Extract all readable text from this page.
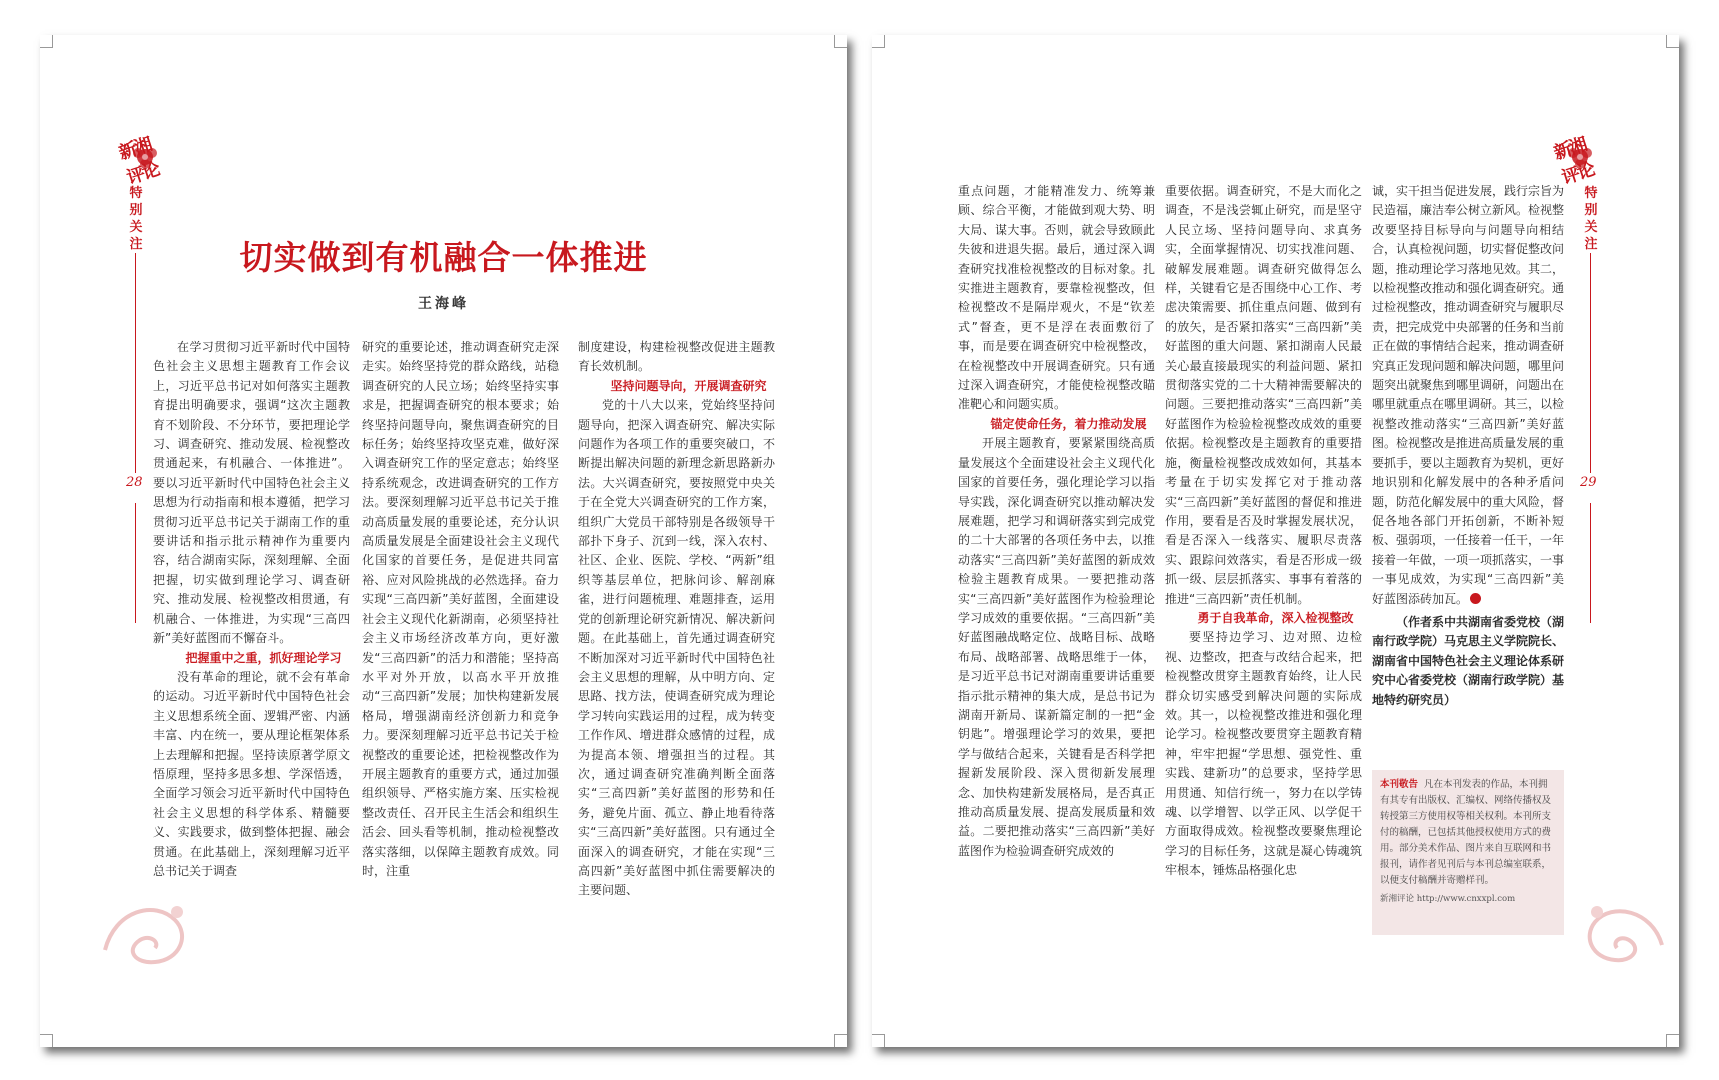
新湘评论
特别关注
28
切实做到有机融合一体推进
王海峰

在学习贯彻习近平新时代中国特色社会主义思想主题教育工作会议上，习近平总书记对如何落实主题教育提出明确要求，强调“这次主题教育不划阶段、不分环节，要把理论学习、调查研究、推动发展、检视整改贯通起来，有机融合、一体推进”。要以习近平新时代中国特色社会主义思想为行动指南和根本遵循，把学习贯彻习近平总书记关于湖南工作的重要讲话和指示批示精神作为重要内容，结合湖南实际，深刻理解、全面把握，切实做到理论学习、调查研究、推动发展、检视整改相贯通，有机融合、一体推进，为实现“三高四新”美好蓝图而不懈奋斗。

把握重中之重，抓好理论学习

没有革命的理论，就不会有革命的运动。习近平新时代中国特色社会主义思想系统全面、逻辑严密、内涵丰富、内在统一，要从理论框架体系上去理解和把握。坚持读原著学原文悟原理，坚持多思多想、学深悟透，全面学习领会习近平新时代中国特色社会主义思想的科学体系、精髓要义、实践要求，做到整体把握、融会贯通。在此基础上，深刻理解习近平总书记关于调查

研究的重要论述，推动调查研究走深走实。始终坚持党的群众路线，站稳调查研究的人民立场；始终坚持实事求是，把握调查研究的根本要求；始终坚持问题导向，聚焦调查研究的目标任务；始终坚持攻坚克难，做好深入调查研究工作的坚定意志；始终坚持系统观念，改进调查研究的工作方法。要深刻理解习近平总书记关于推动高质量发展的重要论述，充分认识高质量发展是全面建设社会主义现代化国家的首要任务，是促进共同富裕、应对风险挑战的必然选择。奋力实现“三高四新”美好蓝图，全面建设社会主义现代化新湖南，必须坚持社会主义市场经济改革方向，更好激发“三高四新”的活力和潜能；坚持高水平对外开放，以高水平开放推动“三高四新”发展；加快构建新发展格局，增强湖南经济创新力和竞争力。要深刻理解习近平总书记关于检视整改的重要论述，把检视整改作为开展主题教育的重要方式，通过加强组织领导、严格实施方案、压实检视整改责任、召开民主生活会和组织生活会、回头看等机制，推动检视整改落实落细，以保障主题教育成效。同时，注重

制度建设，构建检视整改促进主题教育长效机制。

坚持问题导向，开展调查研究

党的十八大以来，党始终坚持问题导向，把深入调查研究、解决实际问题作为各项工作的重要突破口，不断提出解决问题的新理念新思路新办法。大兴调查研究，要按照党中央关于在全党大兴调查研究的工作方案，组织广大党员干部特别是各级领导干部扑下身子、沉到一线，深入农村、社区、企业、医院、学校、“两新”组织等基层单位，把脉问诊、解剖麻雀，进行问题梳理、难题排查，运用党的创新理论研究新情况、解决新问题。在此基础上，首先通过调查研究不断加深对习近平新时代中国特色社会主义思想的理解，从中明方向、定思路、找方法，使调查研究成为理论学习转向实践运用的过程，成为转变工作作风、增进群众感情的过程，成为提高本领、增强担当的过程。其次，通过调查研究准确判断全面落实“三高四新”美好蓝图的形势和任务，避免片面、孤立、静止地看待落实“三高四新”美好蓝图。只有通过全面深入的调查研究，才能在实现“三高四新”美好蓝图中抓住需要解决的主要问题、

新湘评论
特别关注
29

重点问题，才能精准发力、统筹兼顾、综合平衡，才能做到观大势、明大局、谋大事。否则，就会导致顾此失彼和进退失据。最后，通过深入调查研究找准检视整改的目标对象。扎实推进主题教育，要靠检视整改，但检视整改不是隔岸观火，不是“钦差式”督查，更不是浮在表面敷衍了事，而是要在调查研究中检视整改，在检视整改中开展调查研究。只有通过深入调查研究，才能使检视整改瞄准靶心和问题实质。

锚定使命任务，着力推动发展

开展主题教育，要紧紧围绕高质量发展这个全面建设社会主义现代化国家的首要任务，强化理论学习以指导实践，深化调查研究以推动解决发展难题，把学习和调研落实到完成党的二十大部署的各项任务中去，以推动落实“三高四新”美好蓝图的新成效检验主题教育成果。一要把推动落实“三高四新”美好蓝图作为检验理论学习成效的重要依据。“三高四新”美好蓝图融战略定位、战略目标、战略布局、战略部署、战略思维于一体，是习近平总书记对湖南重要讲话重要指示批示精神的集大成，是总书记为湖南开新局、谋新篇定制的一把“金钥匙”。增强理论学习的效果，要把学与做结合起来，关键看是否科学把握新发展阶段、深入贯彻新发展理念、加快构建新发展格局，是否真正推动高质量发展、提高发展质量和效益。二要把推动落实“三高四新”美好蓝图作为检验调查研究成效的

重要依据。调查研究，不是大而化之调查，不是浅尝辄止研究，而是坚守人民立场、坚持问题导向、求真务实，全面掌握情况、切实找准问题、破解发展难题。调查研究做得怎么样，关键看它是否围绕中心工作、考虑决策需要、抓住重点问题、做到有的放矢，是否紧扣落实“三高四新”美好蓝图的重大问题、紧扣湖南人民最关心最直接最现实的利益问题、紧扣贯彻落实党的二十大精神需要解决的问题。三要把推动落实“三高四新”美好蓝图作为检验检视整改成效的重要依据。检视整改是主题教育的重要措施，衡量检视整改成效如何，其基本考量在于切实发挥它对于推动落实“三高四新”美好蓝图的督促和推进作用，要看是否及时掌握发展状况，看是否深入一线落实、履职尽责落实、跟踪问效落实，看是否形成一级抓一级、层层抓落实、事事有着落的推进“三高四新”责任机制。

勇于自我革命，深入检视整改

要坚持边学习、边对照、边检视、边整改，把查与改结合起来，把检视整改贯穿主题教育始终，让人民群众切实感受到解决问题的实际成效。其一，以检视整改推进和强化理论学习。检视整改要贯穿主题教育精神，牢牢把握“学思想、强党性、重实践、建新功”的总要求，坚持学思用贯通、知信行统一，努力在以学铸魂、以学增智、以学正风、以学促干方面取得成效。检视整改要聚焦理论学习的目标任务，这就是凝心铸魂筑牢根本，锤炼品格强化忠

诚，实干担当促进发展，践行宗旨为民造福，廉洁奉公树立新风。检视整改要坚持目标导向与问题导向相结合，认真检视问题，切实督促整改问题，推动理论学习落地见效。其二，以检视整改推动和强化调查研究。通过检视整改，推动调查研究与履职尽责，把完成党中央部署的任务和当前正在做的事情结合起来，推动调查研究真正发现问题和解决问题，哪里问题突出就聚焦到哪里调研，问题出在哪里就重点在哪里调研。其三，以检视整改推动落实“三高四新”美好蓝图。检视整改是推进高质量发展的重要抓手，要以主题教育为契机，更好地识别和化解发展中的各种矛盾问题，防范化解发展中的重大风险，督促各地各部门开拓创新，不断补短板、强弱项，一任接着一任干，一年接着一年做，一项一项抓落实，一事一事见成效，为实现“三高四新”美好蓝图添砖加瓦。

（作者系中共湖南省委党校（湖南行政学院）马克思主义学院院长、湖南省中国特色社会主义理论体系研究中心省委党校（湖南行政学院）基地特约研究员）

本刊敬告 凡在本刊发表的作品，本刊拥有其专有出版权、汇编权、网络传播权及转授第三方使用权等相关权利。本刊所支付的稿酬，已包括其他授权使用方式的费用。部分美术作品、图片来自互联网和书报刊，请作者见刊后与本刊总编室联系，以便支付稿酬并寄赠样刊。
新湘评论 http://www.cnxxpl.com
